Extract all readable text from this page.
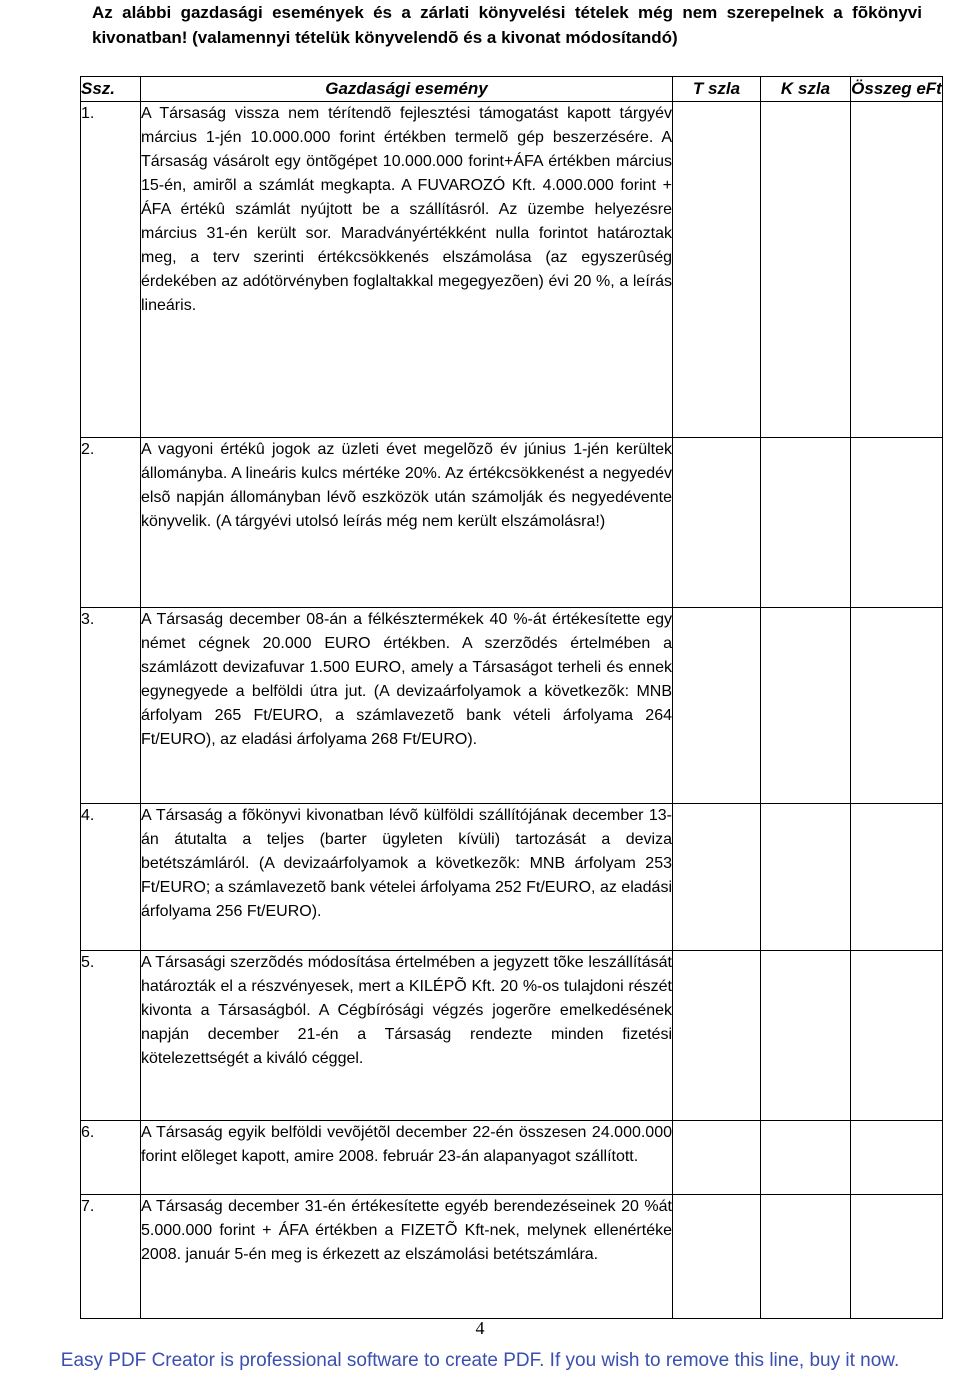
Az alábbi gazdasági események és a zárlati könyvelési tételek még nem szerepelnek a fõkönyvi kivonatban! (valamennyi tételük könyvelendõ és a kivonat módosítandó)
Ssz.	Gazdasági esemény	T szla	K szla	Összeg eFt
1.	A Társaság vissza nem térítendõ fejlesztési támogatást kapott tárgyév március 1-jén 10.000.000 forint értékben termelõ gép beszerzésére. A Társaság vásárolt egy öntõgépet 10.000.000 forint+ÁFA értékben március 15-én, amirõl a számlát megkapta. A FUVAROZÓ Kft. 4.000.000 forint + ÁFA értékû számlát nyújtott be a szállításról. Az üzembe helyezésre március 31-én került sor. Maradványértékként nulla forintot határoztak meg, a terv szerinti értékcsökkenés elszámolása (az egyszerûség érdekében az adótörvényben foglaltakkal megegyezõen) évi 20 %, a leírás lineáris.			

2.	A vagyoni értékû jogok az üzleti évet megelõzõ év június 1-jén kerültek állományba. A lineáris kulcs mértéke 20%. Az értékcsökkenést a negyedév elsõ napján állományban lévõ eszközök után számolják és negyedévente könyvelik. (A tárgyévi utolsó leírás még nem került elszámolásra!)			

3.	A Társaság december 08-án a félkésztermékek 40 %-át értékesítette egy német cégnek 20.000 EURO értékben. A szerzõdés értelmében a számlázott devizafuvar 1.500 EURO, amely a Társaságot terheli és ennek egynegyede a belföldi útra jut. (A devizaárfolyamok a következõk: MNB árfolyam 265 Ft/EURO, a számlavezetõ bank vételi árfolyama 264 Ft/EURO), az eladási árfolyama 268 Ft/EURO).			

4.	A Társaság a fõkönyvi kivonatban lévõ külföldi szállítójának december 13-án átutalta a teljes (barter ügyleten kívüli) tartozását a deviza betétszámláról. (A devizaárfolyamok a következõk: MNB árfolyam 253 Ft/EURO; a számlavezetõ bank vételei árfolyama 252 Ft/EURO, az eladási árfolyama 256 Ft/EURO).			

5.	A Társasági szerzõdés módosítása értelmében a jegyzett tõke leszállítását határozták el a részvényesek, mert a KILÉPÕ Kft. 20 %-os tulajdoni részét kivonta a Társaságból. A Cégbírósági végzés jogerõre emelkedésének napján december 21-én a Társaság rendezte minden fizetési kötelezettségét a kiváló céggel.			

6.	A Társaság egyik belföldi vevõjétõl december 22-én összesen 24.000.000 forint elõleget kapott, amire 2008. február 23-án alapanyagot szállított.			

7.	A Társaság december 31-én értékesítette egyéb berendezéseinek 20 %át 5.000.000 forint + ÁFA értékben a FIZETÕ Kft-nek, melynek ellenértéke 2008. január 5-én meg is érkezett az elszámolási betétszámlára.			

4
Easy PDF Creator is professional software to create PDF. If you wish to remove this line, buy it now.
